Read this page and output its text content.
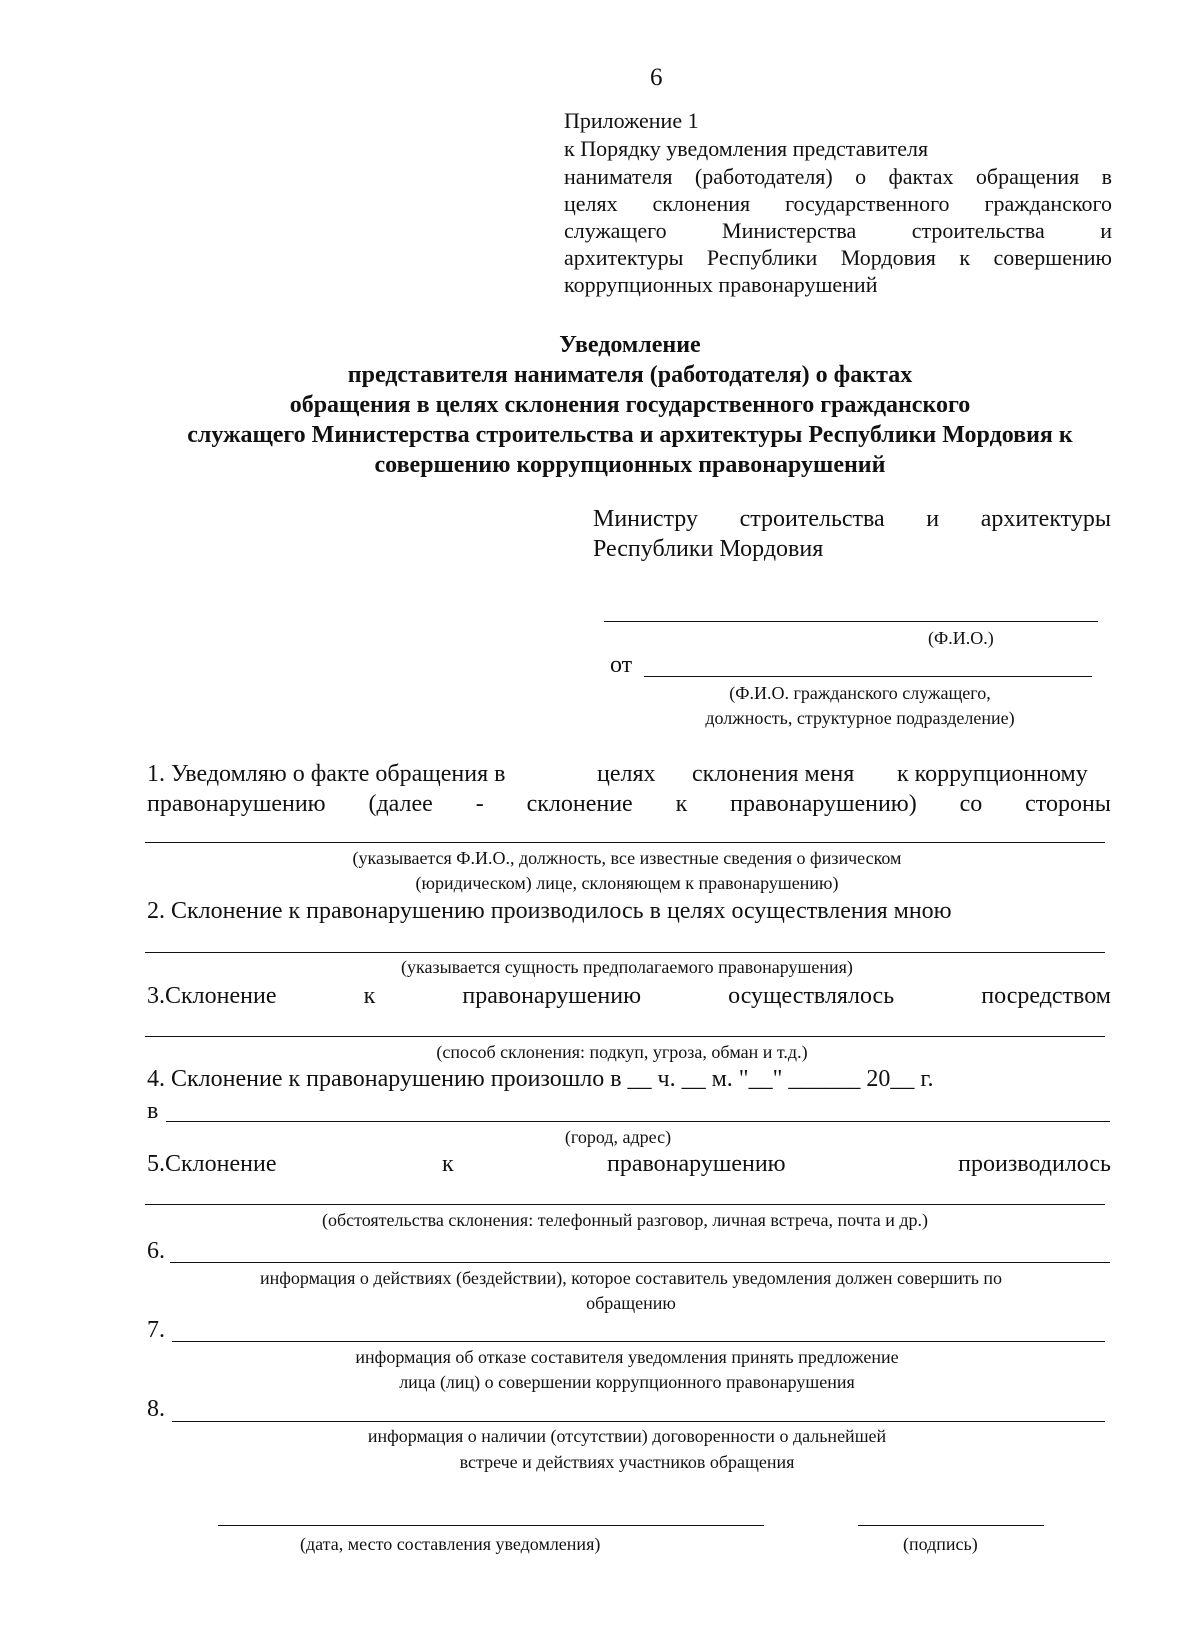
6
Приложение 1
к Порядку уведомления представителя
нанимателя (работодателя) о фактах обращения в
целях склонения государственного гражданского
служащего	Министерства	строительства	и
архитектуры Республики Мордовия к совершению
коррупционных правонарушений
Уведомление
представителя нанимателя (работодателя) о фактах
обращения в целях склонения государственного гражданского
служащего Министерства строительства и архитектуры Республики Мордовия к
совершению коррупционных правонарушений
Министру строительства и архитектуры
Республики Мордовия
(Ф.И.О.)
от
(Ф.И.О. гражданского служащего,
должность, структурное подразделение)
1. Уведомляю о факте обращения в	целях склонения меня к коррупционному
правонарушению (далее - склонение к правонарушению) со стороны
(указывается Ф.И.О., должность, все известные сведения о физическом
(юридическом) лице, склоняющем к правонарушению)
2. Склонение к правонарушению производилось в целях осуществления мною
(указывается сущность предполагаемого правонарушения)
3.Склонение	к	правонарушению	осуществлялось	посредством
(способ склонения: подкуп, угроза, обман и т.д.)
4. Склонение к правонарушению произошло в __ ч. __ м. "__" ______ 20__ г.
в
(город, адрес)
5.Склонение	к	правонарушению	производилось
(обстоятельства склонения: телефонный разговор, личная встреча, почта и др.)
6.
информация о действиях (бездействии), которое составитель уведомления должен совершить по
обращению
7.
информация об отказе составителя уведомления принять предложение
лица (лиц) о совершении коррупционного правонарушения
8.
информация о наличии (отсутствии) договоренности о дальнейшей
встрече и действиях участников обращения
(дата, место составления уведомления)	(подпись)
